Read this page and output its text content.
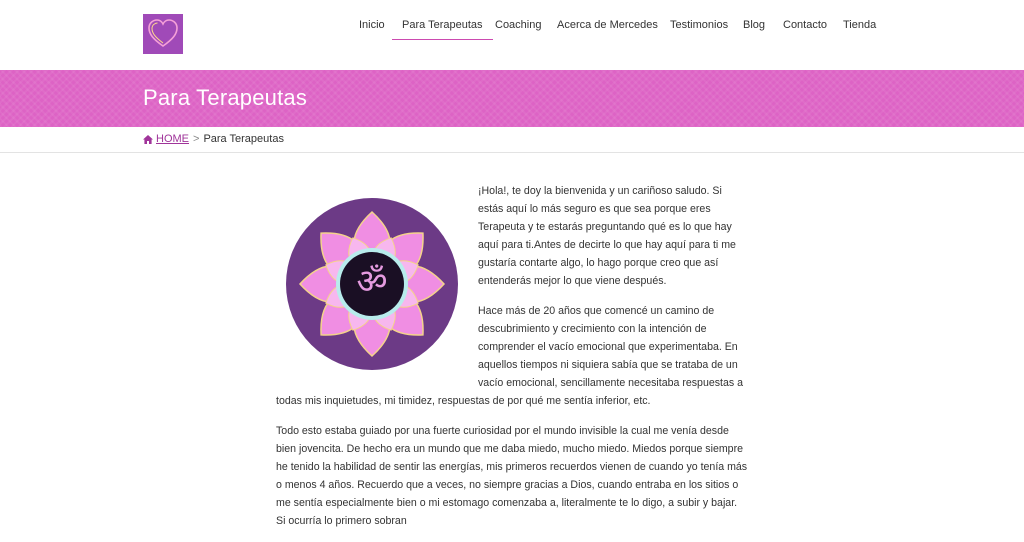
Inicio	Para Terapeutas	Coaching Acerca de Mercedes Testimonios Blog Contacto Tienda
Para Terapeutas
HOME > Para Terapeutas
ॐ

¡Hola!, te doy la bienvenida y un cariñoso saludo. Si estás aquí lo más seguro es que sea porque eres Terapeuta y te estarás preguntando qué es lo que hay aquí para ti.Antes de decirte lo que hay aquí para ti me gustaría contarte algo, lo hago porque creo que así entenderás mejor lo que viene después.

Hace más de 20 años que comencé un camino de descubrimiento y crecimiento con la intención de comprender el vacío emocional que experimentaba. En aquellos tiempos ni siquiera sabía que se trataba de un vacío emocional, sencillamente necesitaba respuestas a todas mis inquietudes, mi timidez, respuestas de por qué me sentía inferior, etc.

Todo esto estaba guiado por una fuerte curiosidad por el mundo invisible la cual me venía desde bien jovencita. De hecho era un mundo que me daba miedo, mucho miedo. Miedos porque siempre he tenido la habilidad de sentir las energías, mis primeros recuerdos vienen de cuando yo tenía más o menos 4 años. Recuerdo que a veces, no siempre gracias a Dios, cuando entraba en los sitios o me sentía especialmente bien o mi estomago comenzaba a, literalmente te lo digo, a subir y bajar. Si ocurría lo primero sobran
